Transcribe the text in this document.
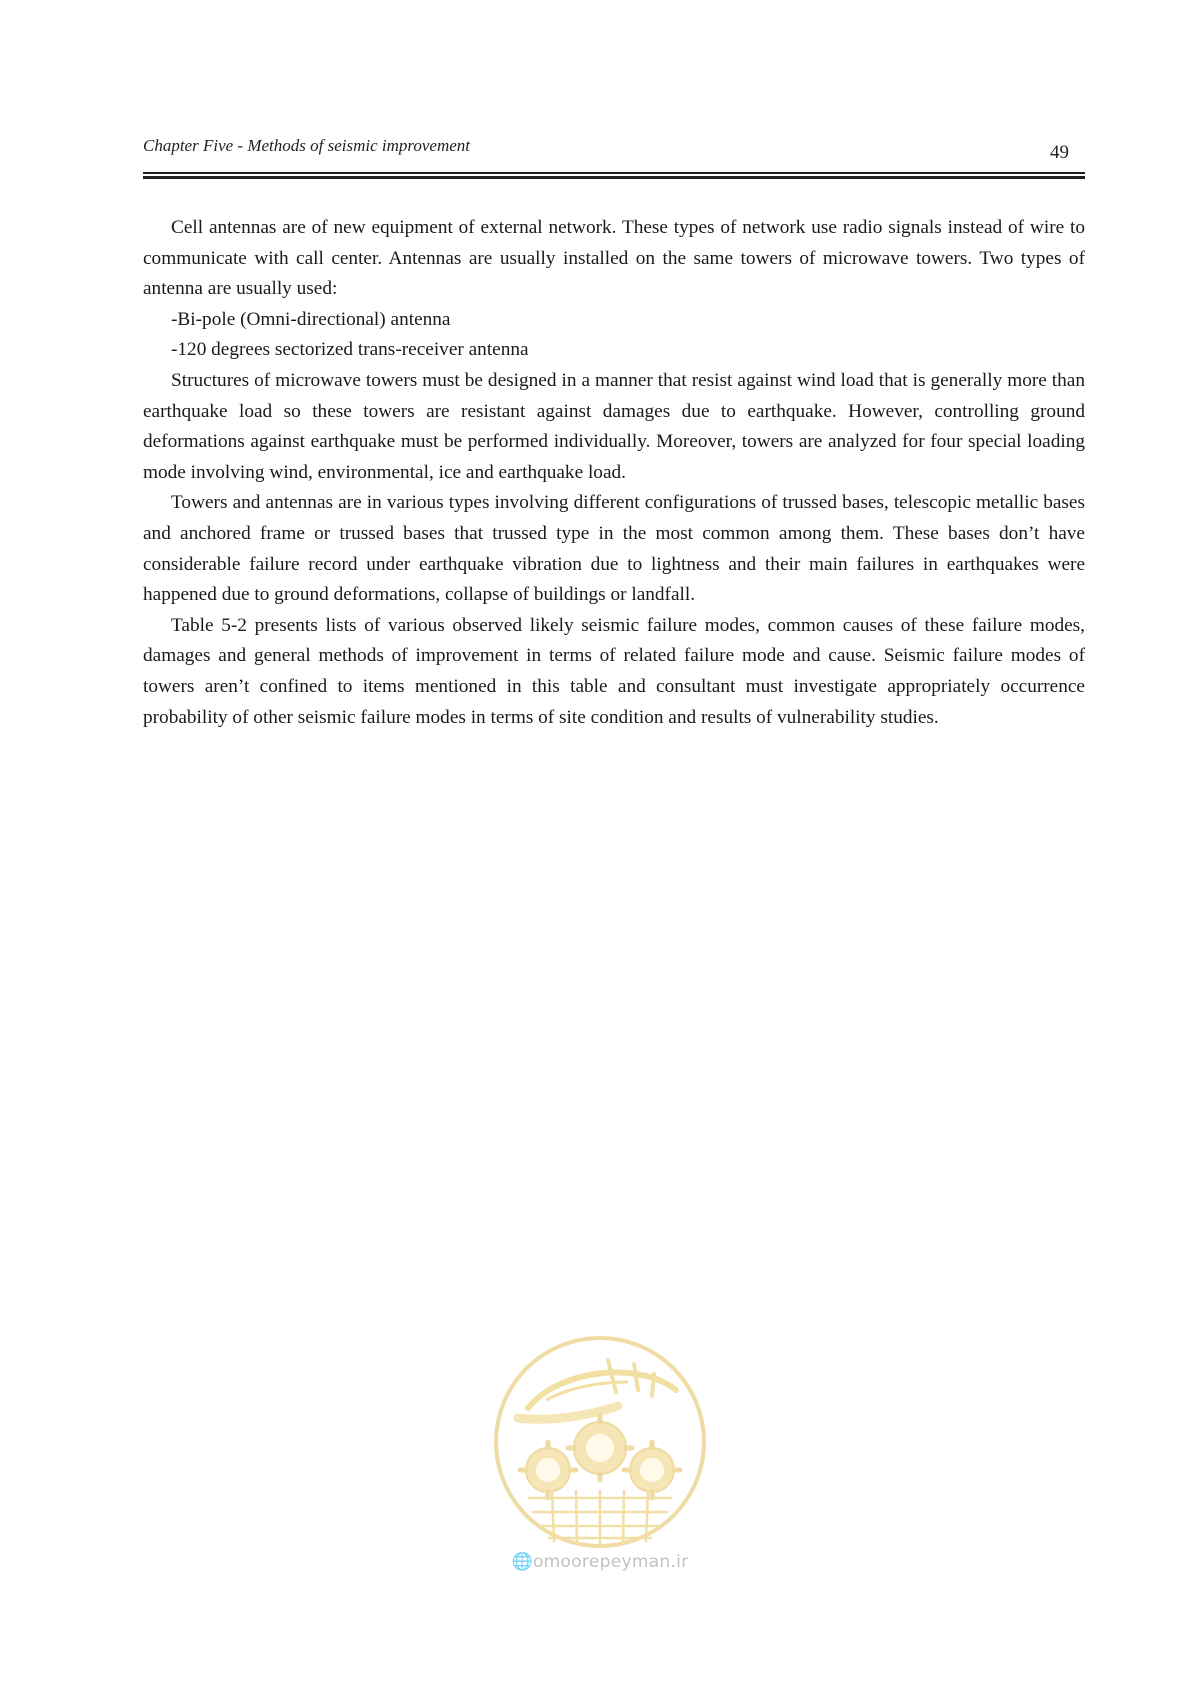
Chapter Five - Methods of seismic improvement	49

Cell antennas are of new equipment of external network. These types of network use radio signals instead of wire to communicate with call center. Antennas are usually installed on the same towers of microwave towers. Two types of antenna are usually used:

-Bi-pole (Omni-directional) antenna

-120 degrees sectorized trans-receiver antenna

Structures of microwave towers must be designed in a manner that resist against wind load that is generally more than earthquake load so these towers are resistant against damages due to earthquake. However, controlling ground deformations against earthquake must be performed individually. Moreover, towers are analyzed for four special loading mode involving wind, environmental, ice and earthquake load.

Towers and antennas are in various types involving different configurations of trussed bases, telescopic metallic bases and anchored frame or trussed bases that trussed type in the most common among them. These bases don’t have considerable failure record under earthquake vibration due to lightness and their main failures in earthquakes were happened due to ground deformations, collapse of buildings or landfall.

Table 5-2 presents lists of various observed likely seismic failure modes, common causes of these failure modes, damages and general methods of improvement in terms of related failure mode and cause. Seismic failure modes of towers aren’t confined to items mentioned in this table and consultant must investigate appropriately occurrence probability of other seismic failure modes in terms of site condition and results of vulnerability studies.

🌐omoorepeyman.ir
